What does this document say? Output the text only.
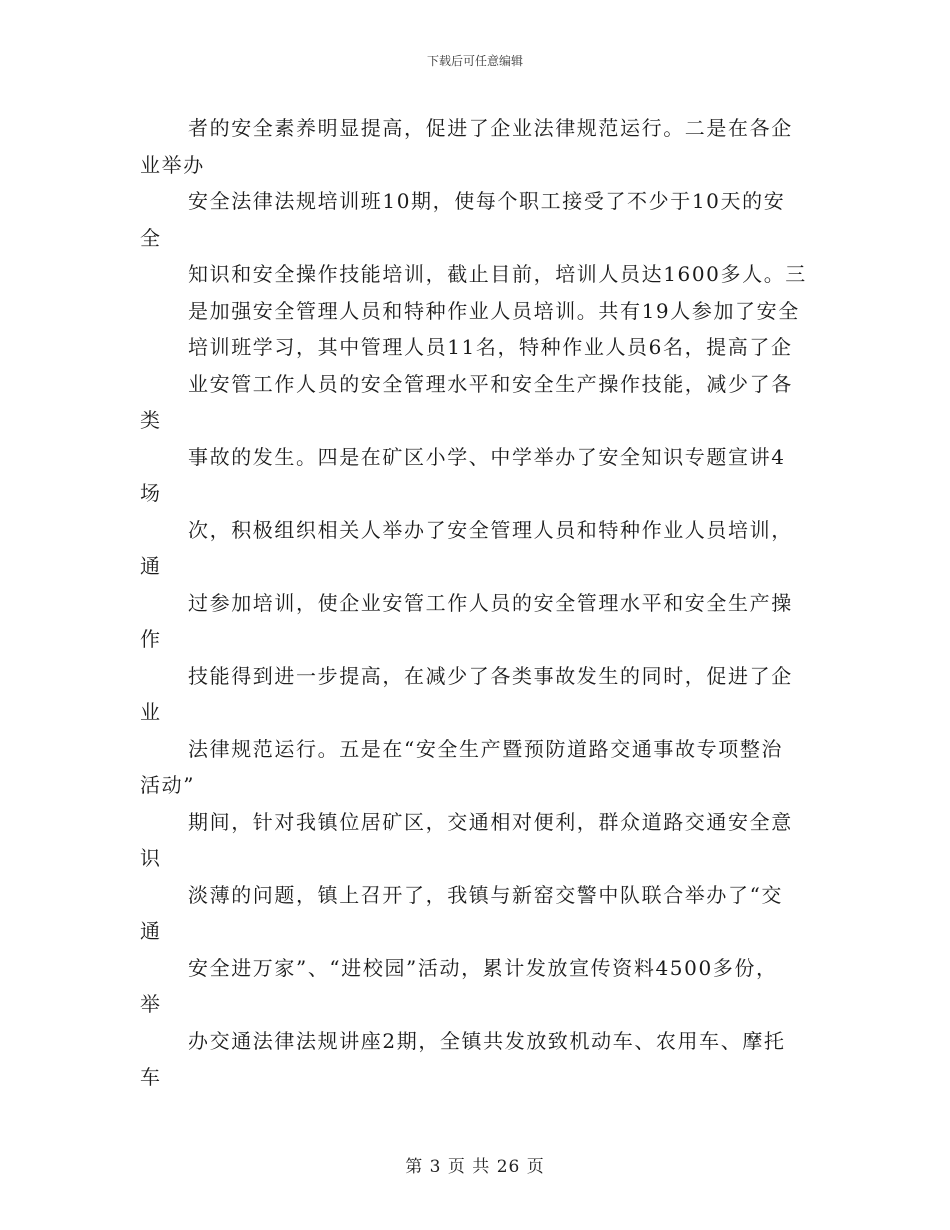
下载后可任意编辑
者的安全素养明显提高，促进了企业法律规范运行。二是在各企
业举办
安全法律法规培训班10期，使每个职工接受了不少于10天的安
全
知识和安全操作技能培训，截止目前，培训人员达1600多人。三
是加强安全管理人员和特种作业人员培训。共有19人参加了安全
培训班学习，其中管理人员11名，特种作业人员6名，提高了企
业安管工作人员的安全管理水平和安全生产操作技能，减少了各
类
事故的发生。四是在矿区小学、中学举办了安全知识专题宣讲4
场
次，积极组织相关人举办了安全管理人员和特种作业人员培训，
通
过参加培训，使企业安管工作人员的安全管理水平和安全生产操
作
技能得到进一步提高，在减少了各类事故发生的同时，促进了企
业
法律规范运行。五是在“安全生产暨预防道路交通事故专项整治
活动”
期间，针对我镇位居矿区，交通相对便利，群众道路交通安全意
识
淡薄的问题，镇上召开了，我镇与新窑交警中队联合举办了“交
通
安全进万家”、“进校园”活动，累计发放宣传资料4500多份，
举
办交通法律法规讲座2期，全镇共发放致机动车、农用车、摩托
车
第 3 页 共 26 页
